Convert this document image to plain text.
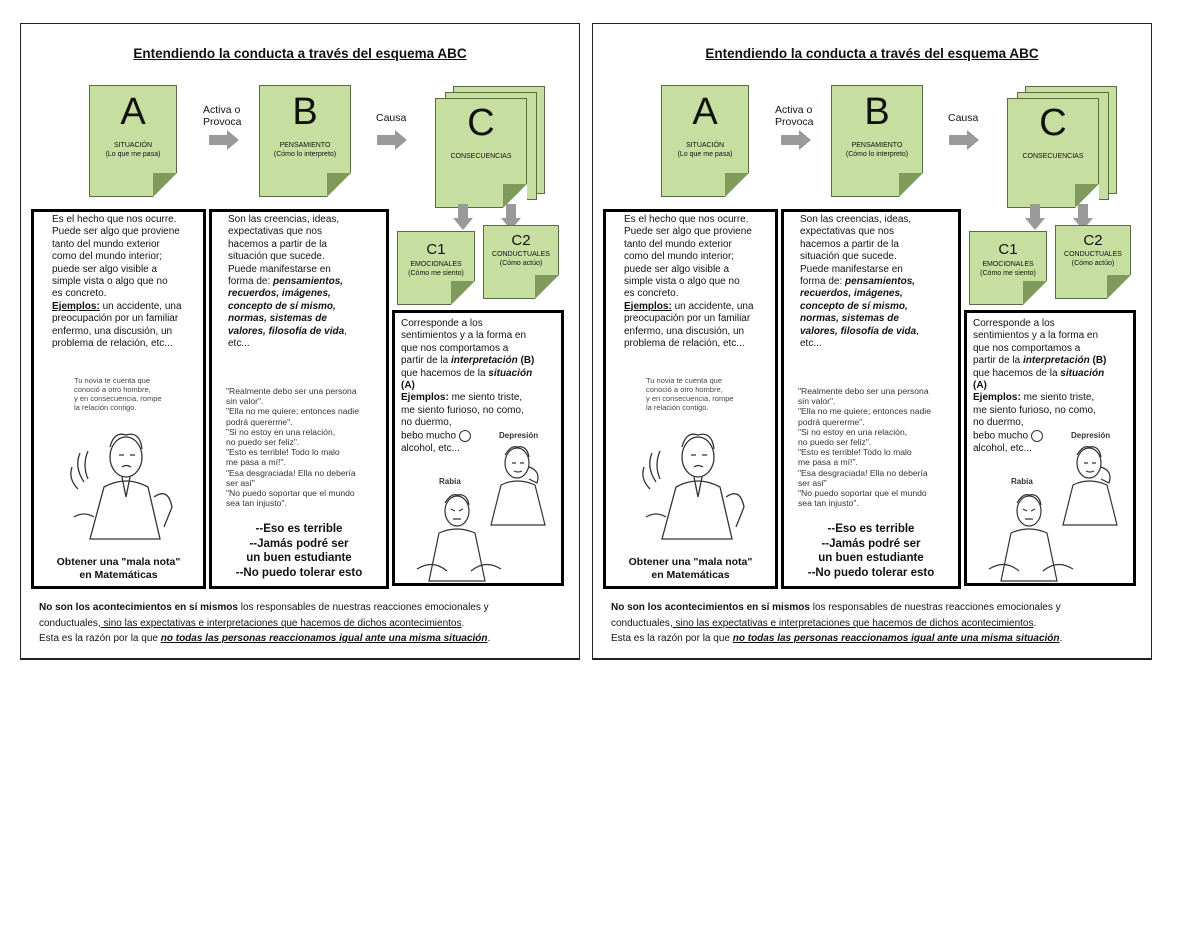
Entendiendo la conducta a través del esquema ABC
A
SITUACIÓN
(Lo que me pasa)
Activa o
Provoca	B
PENSAMIENTO
(Cómo lo interpreto)
Causa	C
CONSECUENCIAS
C1
EMOCIONALES
(Cómo me siento)
C2
CONDUCTUALES
(Cómo actúo)
Es el hecho que nos ocurre.
Puede ser algo que proviene
tanto del mundo exterior
como del mundo interior;
puede ser algo visible a
simple vista o algo que no
es concreto.
Ejemplos: un accidente, una
preocupación por un familiar
enfermo, una discusión, un
problema de relación, etc...
Tu novia te cuenta que
conoció a otro hombre,
y en consecuencia, rompe
la relación contigo.
Obtener una "mala nota"
en Matemáticas
Son las creencias, ideas,
expectativas que nos
hacemos a partir de la
situación que sucede.
Puede manifestarse en
forma de: pensamientos,
recuerdos, imágenes,
concepto de sí mismo,
normas, sistemas de
valores, filosofía de vida,
etc...
"Realmente debo ser una persona
sin valor".
"Ella no me quiere; entonces nadie
podrá quererme".
"Si no estoy en una relación,
no puedo ser feliz".
"Esto es terrible! Todo lo malo
me pasa a mí!".
"Esa desgraciada! Ella no debería
ser así"
"No puedo soportar que el mundo
sea tan injusto".
--Eso es terrible
--Jamás podré ser
un buen estudiante
--No puedo tolerar esto
Corresponde a los
sentimientos y a la forma en
que nos comportamos a
partir de la interpretación (B)
que hacemos de la situación
(A)
Ejemplos: me siento triste,
me siento furioso, no como,
no duermo,
bebo mucho
alcohol, etc...
Depresión
Rabia
No son los acontecimientos en sí mismos los responsables de nuestras reacciones emocionales y
conductuales, sino las expectativas e interpretaciones que hacemos de dichos acontecimientos.
Esta es la razón por la que no todas las personas reaccionamos igual ante una misma situación.
Entendiendo la conducta a través del esquema ABC
A
SITUACIÓN
(Lo que me pasa)
Activa o
Provoca	B
PENSAMIENTO
(Cómo lo interpreto)
Causa	C
CONSECUENCIAS
C1
EMOCIONALES
(Cómo me siento)
C2
CONDUCTUALES
(Cómo actúo)
Es el hecho que nos ocurre.
Puede ser algo que proviene
tanto del mundo exterior
como del mundo interior;
puede ser algo visible a
simple vista o algo que no
es concreto.
Ejemplos: un accidente, una
preocupación por un familiar
enfermo, una discusión, un
problema de relación, etc...
Tu novia te cuenta que
conoció a otro hombre,
y en consecuencia, rompe
la relación contigo.
Obtener una "mala nota"
en Matemáticas
Son las creencias, ideas,
expectativas que nos
hacemos a partir de la
situación que sucede.
Puede manifestarse en
forma de: pensamientos,
recuerdos, imágenes,
concepto de sí mismo,
normas, sistemas de
valores, filosofía de vida,
etc...
"Realmente debo ser una persona
sin valor".
"Ella no me quiere; entonces nadie
podrá quererme".
"Si no estoy en una relación,
no puedo ser feliz".
"Esto es terrible! Todo lo malo
me pasa a mí!".
"Esa desgraciada! Ella no debería
ser así"
"No puedo soportar que el mundo
sea tan injusto".
--Eso es terrible
--Jamás podré ser
un buen estudiante
--No puedo tolerar esto
Corresponde a los
sentimientos y a la forma en
que nos comportamos a
partir de la interpretación (B)
que hacemos de la situación
(A)
Ejemplos: me siento triste,
me siento furioso, no como,
no duermo,
bebo mucho
alcohol, etc...
Depresión
Rabia
No son los acontecimientos en sí mismos los responsables de nuestras reacciones emocionales y
conductuales, sino las expectativas e interpretaciones que hacemos de dichos acontecimientos.
Esta es la razón por la que no todas las personas reaccionamos igual ante una misma situación.
